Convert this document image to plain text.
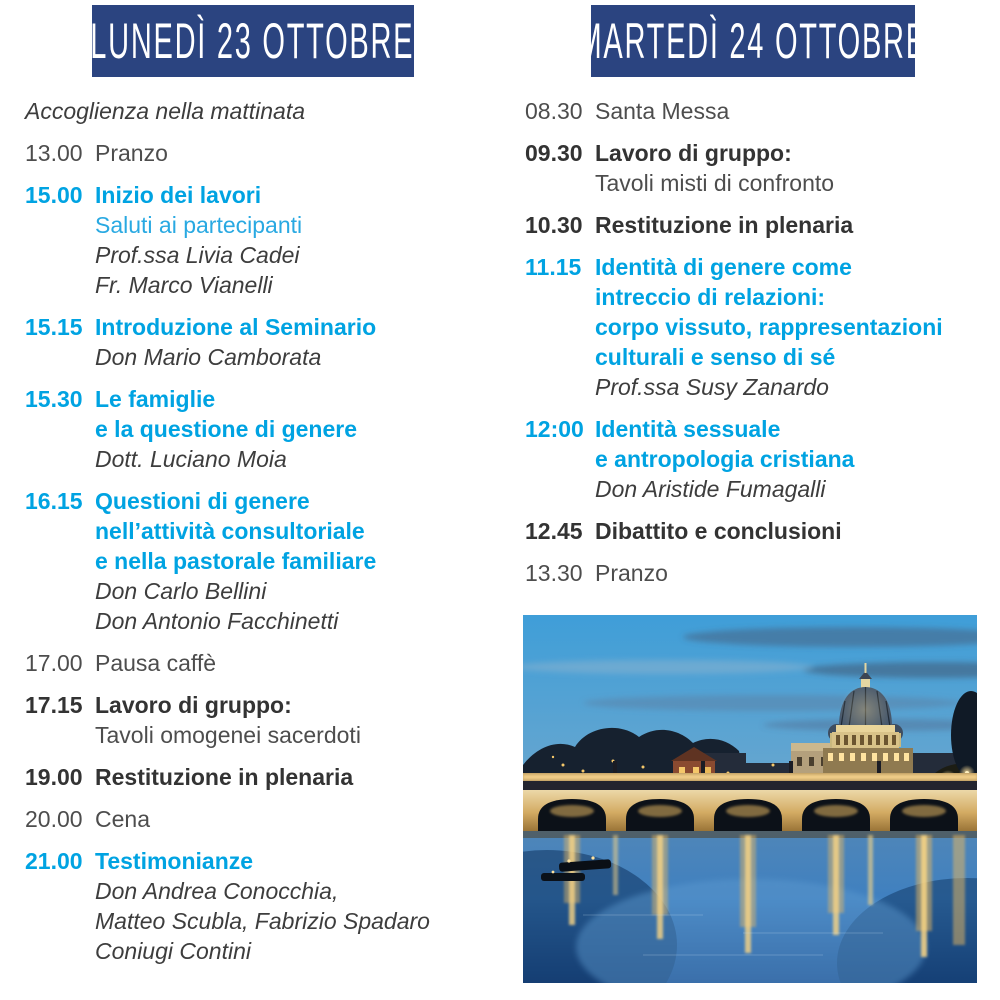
LUNEDÌ 23 OTTOBRE
Accoglienza nella mattinata
13.00 Pranzo
15.00 Inizio dei lavori
Saluti ai partecipanti
Prof.ssa Livia Cadei
Fr. Marco Vianelli
15.15 Introduzione al Seminario
Don Mario Camborata
15.30 Le famiglie
e la questione di genere
Dott. Luciano Moia
16.15 Questioni di genere
nell’attività consultoriale
e nella pastorale familiare
Don Carlo Bellini
Don Antonio Facchinetti
17.00 Pausa caffè
17.15 Lavoro di gruppo:
Tavoli omogenei sacerdoti
19.00 Restituzione in plenaria
20.00 Cena
21.00 Testimonianze
Don Andrea Conocchia,
Matteo Scubla, Fabrizio Spadaro
Coniugi Contini
MARTEDÌ 24 OTTOBRE
08.30 Santa Messa
09.30 Lavoro di gruppo:
Tavoli misti di confronto
10.30 Restituzione in plenaria
11.15 Identità di genere come
intreccio di relazioni:
corpo vissuto, rappresentazioni
culturali e senso di sé
Prof.ssa Susy Zanardo
12:00 Identità sessuale
e antropologia cristiana
Don Aristide Fumagalli
12.45 Dibattito e conclusioni
13.30 Pranzo
